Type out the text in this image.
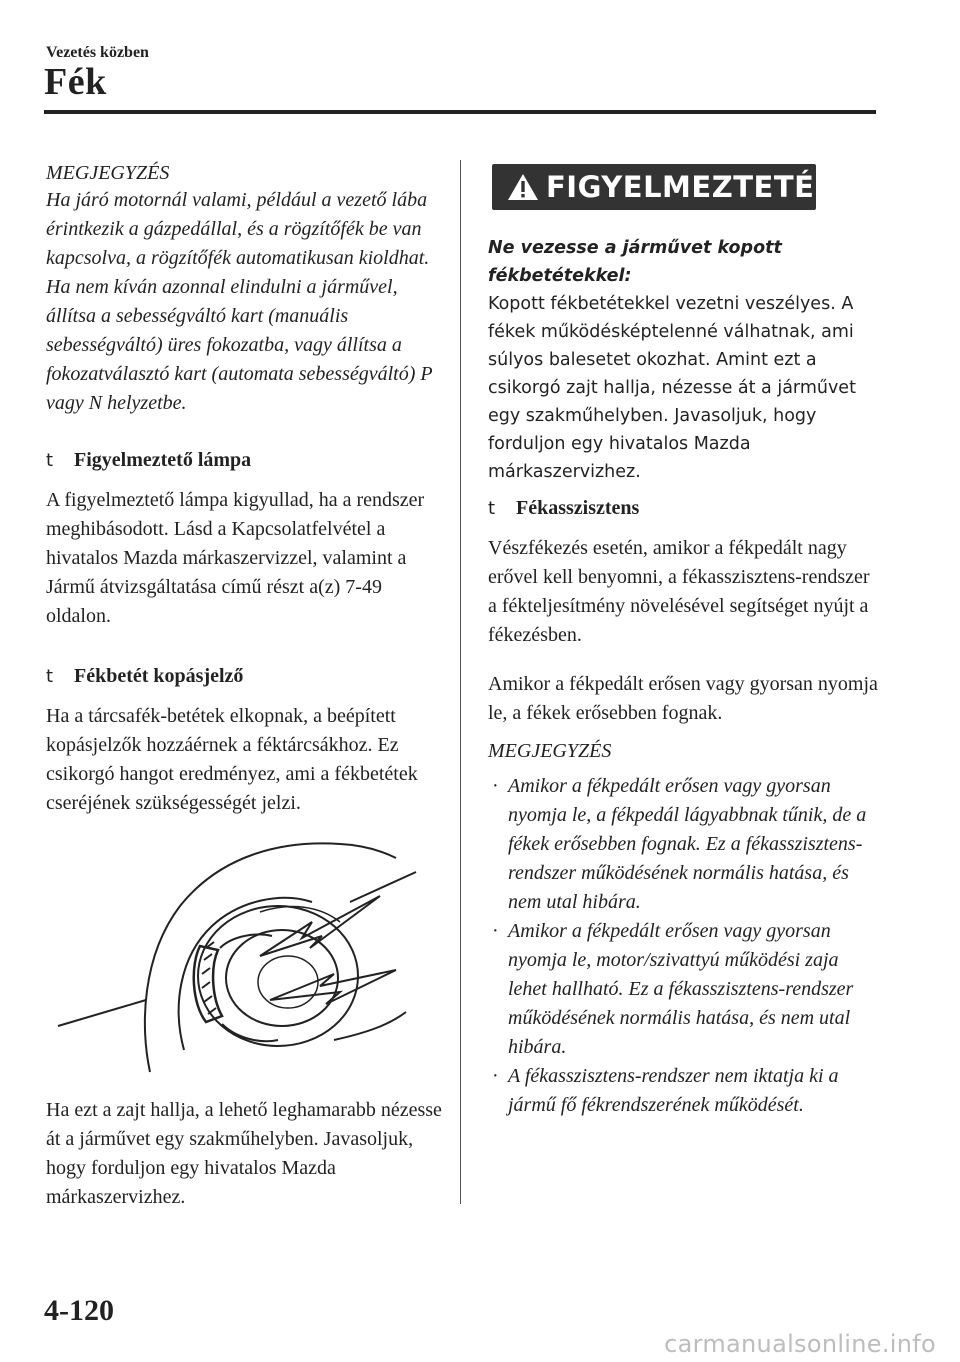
Vezetés közben
Fék
MEGJEGYZÉS
Ha járó motornál valami, például a vezető lába érintkezik a gázpedállal, és a rögzítőfék be van kapcsolva, a rögzítőfék automatikusan kioldhat. Ha nem kíván azonnal elindulni a járművel, állítsa a sebességváltó kart (manuális sebességváltó) üres fokozatba, vagy állítsa a fokozatválasztó kart (automata sebességváltó) P vagy N helyzetbe.
t Figyelmeztető lámpa
A figyelmeztető lámpa kigyullad, ha a rendszer meghibásodott. Lásd a Kapcsolatfelvétel a hivatalos Mazda márkaszervizzel, valamint a Jármű átvizsgáltatása című részt a(z) 7-49 oldalon.
t Fékbetét kopásjelző
Ha a tárcsafék-betétek elkopnak, a beépített kopásjelzők hozzáérnek a féktárcsákhoz. Ez csikorgó hangot eredményez, ami a fékbetétek cseréjének szükségességét jelzi.
Ha ezt a zajt hallja, a lehető leghamarabb nézesse át a járművet egy szakműhelyben. Javasoljuk, hogy forduljon egy hivatalos Mazda márkaszervizhez.
FIGYELMEZTETÉS
Ne vezesse a járművet kopott fékbetétekkel:
Kopott fékbetétekkel vezetni veszélyes. A fékek működésképtelenné válhatnak, ami súlyos balesetet okozhat. Amint ezt a csikorgó zajt hallja, nézesse át a járművet egy szakműhelyben. Javasoljuk, hogy forduljon egy hivatalos Mazda márkaszervizhez.
t Fékasszisztens
Vészfékezés esetén, amikor a fékpedált nagy erővel kell benyomni, a fékasszisztens-rendszer a fékteljesítmény növelésével segítséget nyújt a fékezésben.
Amikor a fékpedált erősen vagy gyorsan nyomja le, a fékek erősebben fognak.
MEGJEGYZÉS
· Amikor a fékpedált erősen vagy gyorsan nyomja le, a fékpedál lágyabbnak tűnik, de a fékek erősebben fognak. Ez a fékasszisztens-rendszer működésének normális hatása, és nem utal hibára.
· Amikor a fékpedált erősen vagy gyorsan nyomja le, motor/szivattyú működési zaja lehet hallható. Ez a fékasszisztens-rendszer működésének normális hatása, és nem utal hibára.
· A fékasszisztens-rendszer nem iktatja ki a jármű fő fékrendszerének működését.
4-120
carmanualsonline.info
